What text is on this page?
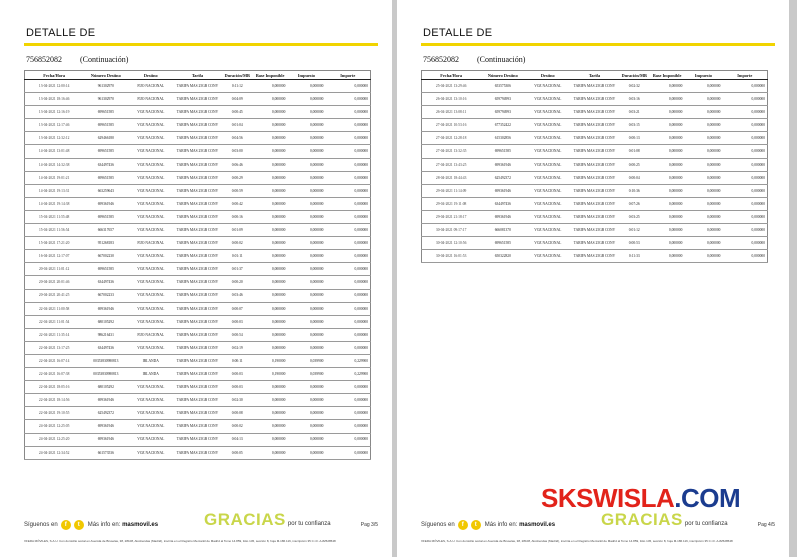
DETALLE DE
756852082 (Continuación)
Fecha/Hora	Número Destino	Destino	Tarifa	Duración/MB	Base Imponible	Impuesto	Importe
13-04-2021 12:00:14	961302970	FIJO NACIONAL	TARIFA MAS 25GB CONV	0:11:12	0,000000	0,000000	0,000000
13-04-2021 18:16:46	961302970	FIJO NACIONAL	TARIFA MAS 25GB CONV	0:04:09	0,000000	0,000000	0,000000
13-04-2021 12:16:19	699651585	VOZ NACIONAL	TARIFA MAS 25GB CONV	0:00:45	0,000000	0,000000	0,000000
13-04-2021 12:17:46	699651585	VOZ NACIONAL	TARIFA MAS 25GB CONV	0:01:04	0,000000	0,000000	0,000000
13-04-2021 12:32:12	629466180	VOZ NACIONAL	TARIFA MAS 25GB CONV	0:04:56	0,000000	0,000000	0,000000
14-04-2021 13:01:48	699651585	VOZ NACIONAL	TARIFA MAS 25GB CONV	0:03:00	0,000000	0,000000	0,000000
14-04-2021 14:32:38	634497436	VOZ NACIONAL	TARIFA MAS 25GB CONV	0:06:46	0,000000	0,000000	0,000000
14-04-2021 19:01:21	699651585	VOZ NACIONAL	TARIFA MAS 25GB CONV	0:00:29	0,000000	0,000000	0,000000
14-04-2021 19:13:31	663259643	VOZ NACIONAL	TARIFA MAS 25GB CONV	0:00:59	0,000000	0,000000	0,000000
14-04-2021 19:14:38	699361946	VOZ NACIONAL	TARIFA MAS 25GB CONV	0:00:42	0,000000	0,000000	0,000000
15-04-2021 11:55:48	699651585	VOZ NACIONAL	TARIFA MAS 25GB CONV	0:00:16	0,000000	0,000000	0,000000
15-04-2021 11:56:54	666317657	VOZ NACIONAL	TARIFA MAS 25GB CONV	0:01:09	0,000000	0,000000	0,000000
15-04-2021 17:21:20	951268183	FIJO NACIONAL	TARIFA MAS 25GB CONV	0:00:02	0,000000	0,000000	0,000000
16-04-2021 12:17:07	667002230	VOZ NACIONAL	TARIFA MAS 25GB CONV	0:01:11	0,000000	0,000000	0,000000
20-04-2021 11:01:12	699651585	VOZ NACIONAL	TARIFA MAS 25GB CONV	0:01:37	0,000000	0,000000	0,000000
20-04-2021 20:01:46	634497436	VOZ NACIONAL	TARIFA MAS 25GB CONV	0:00:20	0,000000	0,000000	0,000000
20-04-2021 20:41:25	667002233	VOZ NACIONAL	TARIFA MAS 25GB CONV	0:03:46	0,000000	0,000000	0,000000
22-04-2021 11:00:58	699361946	VOZ NACIONAL	TARIFA MAS 25GB CONV	0:00:07	0,000000	0,000000	0,000000
22-04-2021 11:01:54	680105292	VOZ NACIONAL	TARIFA MAS 25GB CONV	0:00:03	0,000000	0,000000	0,000000
22-04-2021 11:35:14	986216431	FIJO NACIONAL	TARIFA MAS 25GB CONV	0:00:54	0,000000	0,000000	0,000000
22-04-2021 13:17:25	634497436	VOZ NACIONAL	TARIFA MAS 25GB CONV	0:02:19	0,000000	0,000000	0,000000
22-04-2021 16:07:14	00353830980813	IRLANDA	TARIFA MAS 25GB CONV	0:00:11	0,190000	0,039900	0,229900
22-04-2021 16:07:38	00353830980813	IRLANDA	TARIFA MAS 25GB CONV	0:00:03	0,190000	0,039900	0,229900
22-04-2021 18:05:16	680105292	VOZ NACIONAL	TARIFA MAS 25GB CONV	0:00:03	0,000000	0,000000	0,000000
22-04-2021 18:14:56	699361946	VOZ NACIONAL	TARIFA MAS 25GB CONV	0:02:30	0,000000	0,000000	0,000000
22-04-2021 19:10:55	625492372	VOZ NACIONAL	TARIFA MAS 25GB CONV	0:00:08	0,000000	0,000000	0,000000
24-04-2021 12:25:05	699361946	VOZ NACIONAL	TARIFA MAS 25GB CONV	0:00:02	0,000000	0,000000	0,000000
24-04-2021 12:25:20	699361946	VOZ NACIONAL	TARIFA MAS 25GB CONV	0:04:13	0,000000	0,000000	0,000000
24-04-2021 12:34:52	661573536	VOZ NACIONAL	TARIFA MAS 25GB CONV	0:00:05	0,000000	0,000000	0,000000
Síguenos en	f	t	Más info en: masmovil.es	GRACIAS por tu confianza	Pag 3/5
XFERA MÓVILES, S.A.U. Con domicilio social en Avenida de Bruselas, 38, 28108, Alcobendas (Madrid), inscrita en el Registro Mercantil de Madrid al Tomo 14.859, folio 145, sección 8, hoja M-186.116, inscripción 35 C.I.F. A-82528548
DETALLE DE
756852082 (Continuación)
Fecha/Hora	Número Destino	Destino	Tarifa	Duración/MB	Base Imponible	Impuesto	Importe
25-04-2021 13:29:46	653575306	VOZ NACIONAL	TARIFA MAS 25GB CONV	0:02:32	0,000000	0,000000	0,000000
26-04-2021 13:10:16	659794993	VOZ NACIONAL	TARIFA MAS 25GB CONV	0:03:16	0,000000	0,000000	0,000000
26-04-2021 13:08:11	659794993	VOZ NACIONAL	TARIFA MAS 25GB CONV	0:03:21	0,000000	0,000000	0,000000
27-04-2021 10:53:16	677352422	VOZ NACIONAL	TARIFA MAS 25GB CONV	0:03:15	0,000000	0,000000	0,000000
27-04-2021 12:28:18	615302856	VOZ NACIONAL	TARIFA MAS 25GB CONV	0:00:13	0,000000	0,000000	0,000000
27-04-2021 13:32:35	699651585	VOZ NACIONAL	TARIFA MAS 25GB CONV	0:01:08	0,000000	0,000000	0,000000
27-04-2021 13:43:25	699361946	VOZ NACIONAL	TARIFA MAS 25GB CONV	0:00:25	0,000000	0,000000	0,000000
28-04-2021 18:44:43	625492372	VOZ NACIONAL	TARIFA MAS 25GB CONV	0:00:04	0,000000	0,000000	0,000000
29-04-2021 11:14:09	699361946	VOZ NACIONAL	TARIFA MAS 25GB CONV	0:10:36	0,000000	0,000000	0,000000
29-04-2021 19:11:08	634497436	VOZ NACIONAL	TARIFA MAS 25GB CONV	0:07:26	0,000000	0,000000	0,000000
29-04-2021 21:18:17	699361946	VOZ NACIONAL	TARIFA MAS 25GB CONV	0:03:25	0,000000	0,000000	0,000000
30-04-2021 09:17:17	666081370	VOZ NACIONAL	TARIFA MAS 25GB CONV	0:01:12	0,000000	0,000000	0,000000
30-04-2021 12:10:56	699651585	VOZ NACIONAL	TARIFA MAS 25GB CONV	0:00:53	0,000000	0,000000	0,000000
30-04-2021 16:01:53	650322820	VOZ NACIONAL	TARIFA MAS 25GB CONV	0:11:33	0,000000	0,000000	0,000000
Síguenos en	f	t	Más info en: masmovil.es	GRACIAS por tu confianza	Pag 4/5
XFERA MÓVILES, S.A.U. Con domicilio social en Avenida de Bruselas, 38, 28108, Alcobendas (Madrid), inscrita en el Registro Mercantil de Madrid al Tomo 14.859, folio 145, sección 8, hoja M-186.116, inscripción 35 C.I.F. A-82528548
SKSWISLA.COM
